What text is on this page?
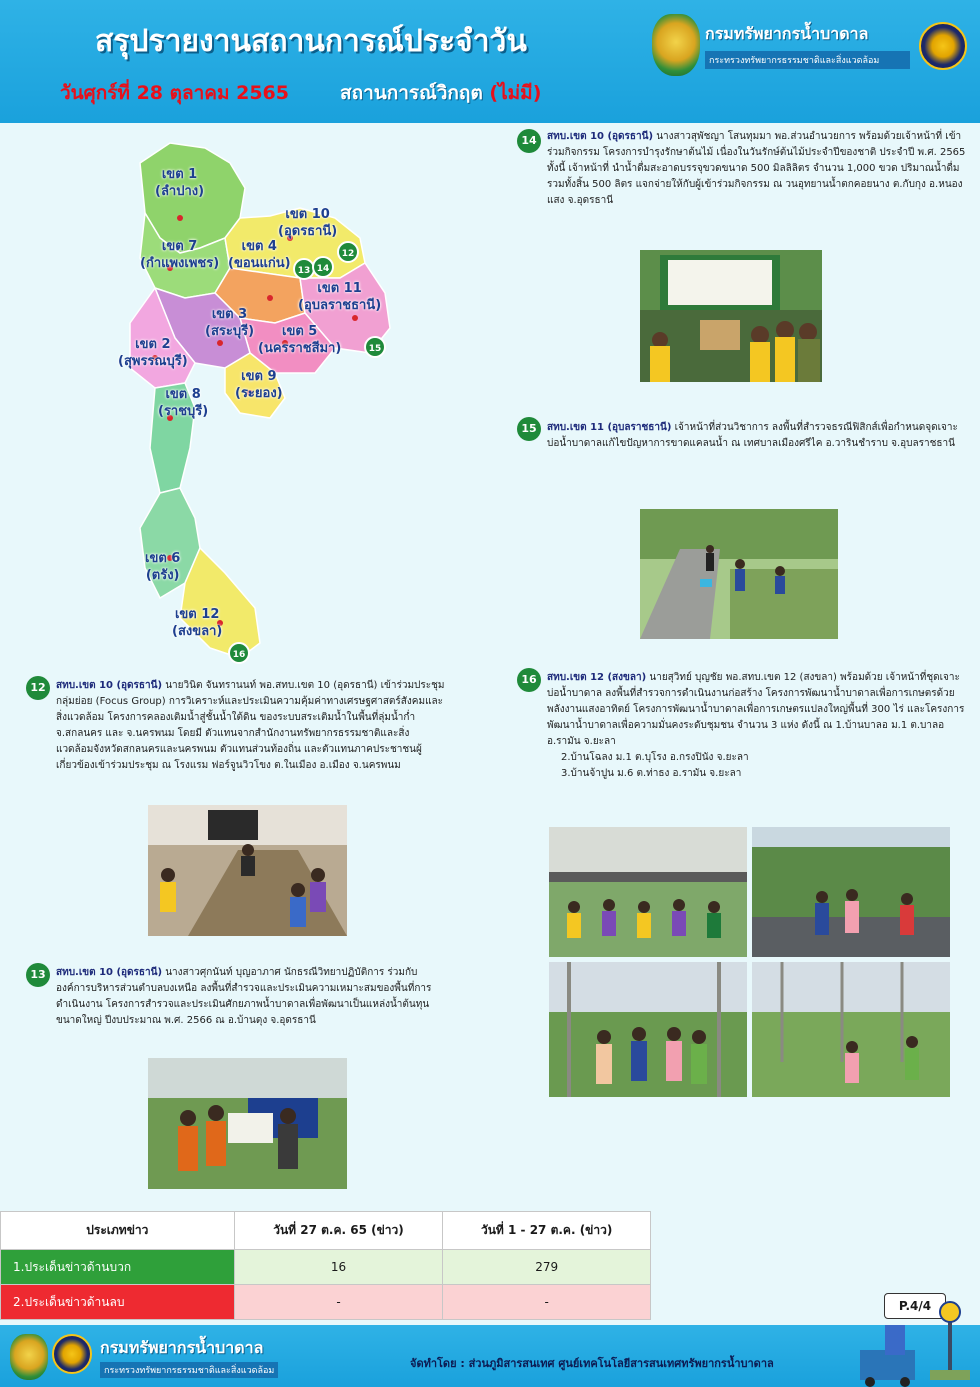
สรุปรายงานสถานการณ์ประจำวัน
วันศุกร์ที่ 28 ตุลาคม 2565	สถานการณ์วิกฤต (ไม่มี)
กรมทรัพยากรน้ำบาดาล
กระทรวงทรัพยากรธรรมชาติและสิ่งแวดล้อม
เขต 1
(ลำปาง)
เขต 10
(อุดรธานี)
เขต 7
(กำแพงเพชร)
เขต 4
(ขอนแก่น)
เขต 11
(อุบลราชธานี)
เขต 3
(สระบุรี)	เขต 5
(นครราชสีมา)
เขต 2
(สุพรรณบุรี)
เขต 9
(ระยอง)
เขต 8
(ราชบุรี)
เขต 6
(ตรัง)
เขต 12
(สงขลา)
12
13 14
15
16
14	สทบ.เขต 10 (อุดรธานี) นางสาวสุพัชญา โสนทุมมา พอ.ส่วนอำนวยการ พร้อมด้วยเจ้าหน้าที่ เข้าร่วมกิจกรรม โครงการบำรุงรักษาต้นไม้ เนื่องในวันรักษ์ต้นไม้ประจำปีของชาติ ประจำปี พ.ศ. 2565 ทั้งนี้ เจ้าหน้าที่ นำน้ำดื่มสะอาดบรรจุขวดขนาด 500 มิลลิลิตร จำนวน 1,000 ขวด ปริมาณน้ำดื่มรวมทั้งสิ้น 500 ลิตร แจกจ่ายให้กับผู้เข้าร่วมกิจกรรม ณ วนอุทยานน้ำตกคอยนาง ต.กับกุง อ.หนองแสง จ.อุดรธานี
15	สทบ.เขต 11 (อุบลราชธานี) เจ้าหน้าที่ส่วนวิชาการ ลงพื้นที่สำรวจธรณีฟิสิกส์เพื่อกำหนดจุดเจาะบ่อน้ำบาดาลแก้ไขปัญหาการขาดแคลนน้ำ ณ เทศบาลเมืองศรีไค อ.วารินชำราบ จ.อุบลราชธานี
16	สทบ.เขต 12 (สงขลา) นายสุวิทย์ บุญชัย พอ.สทบ.เขต 12 (สงขลา) พร้อมด้วย เจ้าหน้าที่ชุดเจาะบ่อน้ำบาดาล ลงพื้นที่สำรวจการดำเนินงานก่อสร้าง โครงการพัฒนาน้ำบาดาลเพื่อการเกษตรด้วยพลังงานแสงอาทิตย์ โครงการพัฒนาน้ำบาดาลเพื่อการเกษตรแปลงใหญ่พื้นที่ 300 ไร่ และโครงการพัฒนาน้ำบาดาลเพื่อความมั่นคงระดับชุมชน จำนวน 3 แห่ง ดังนี้ ณ 1.บ้านบาลอ ม.1 ต.บาลอ อ.รามัน จ.ยะลา
2.บ้านโฉลง ม.1 ต.บุโรง อ.กรงปินัง จ.ยะลา
3.บ้านจ้าปูน ม.6 ต.ท่าธง อ.รามัน จ.ยะลา
12	สทบ.เขต 10 (อุดรธานี) นายวินิต จันทรานนท์ พอ.สทบ.เขต 10 (อุดรธานี) เข้าร่วมประชุมกลุ่มย่อย (Focus Group) การวิเคราะห์และประเมินความคุ้มค่าทางเศรษฐศาสตร์สังคมและสิ่งแวดล้อม โครงการคลองเติมน้ำสู่ชั้นน้ำใต้ดิน ของระบบสระเติมน้ำในพื้นที่ลุ่มน้ำก่ำ จ.สกลนคร และ จ.นครพนม โดยมี ตัวแทนจากสำนักงานทรัพยากรธรรมชาติและสิ่งแวดล้อมจังหวัดสกลนครและนครพนม ตัวแทนส่วนท้องถิ่น และตัวแทนภาคประชาชนผู้เกี่ยวข้องเข้าร่วมประชุม ณ โรงแรม ฟอร์จูนวิวโขง ต.ในเมือง อ.เมือง จ.นครพนม
13	สทบ.เขต 10 (อุดรธานี) นางสาวศุกนันท์ บุญอาภาศ นักธรณีวิทยาปฏิบัติการ ร่วมกับองค์การบริหารส่วนตำบลบงเหนือ ลงพื้นที่สำรวจและประเมินความเหมาะสมของพื้นที่การดำเนินงาน โครงการสำรวจและประเมินศักยภาพน้ำบาดาลเพื่อพัฒนาเป็นแหล่งน้ำต้นทุนขนาดใหญ่ ปีงบประมาณ พ.ศ. 2566 ณ อ.บ้านดุง จ.อุดรธานี
ประเภทข่าว	วันที่ 27 ต.ค. 65 (ข่าว)	วันที่ 1 - 27 ต.ค. (ข่าว)
1.ประเด็นข่าวด้านบวก	16	279
2.ประเด็นข่าวด้านลบ	-	-	P.4/4
กรมทรัพยากรน้ำบาดาล
กระทรวงทรัพยากรธรรมชาติและสิ่งแวดล้อม
จัดทำโดย : ส่วนภูมิสารสนเทศ ศูนย์เทคโนโลยีสารสนเทศทรัพยากรน้ำบาดาล
